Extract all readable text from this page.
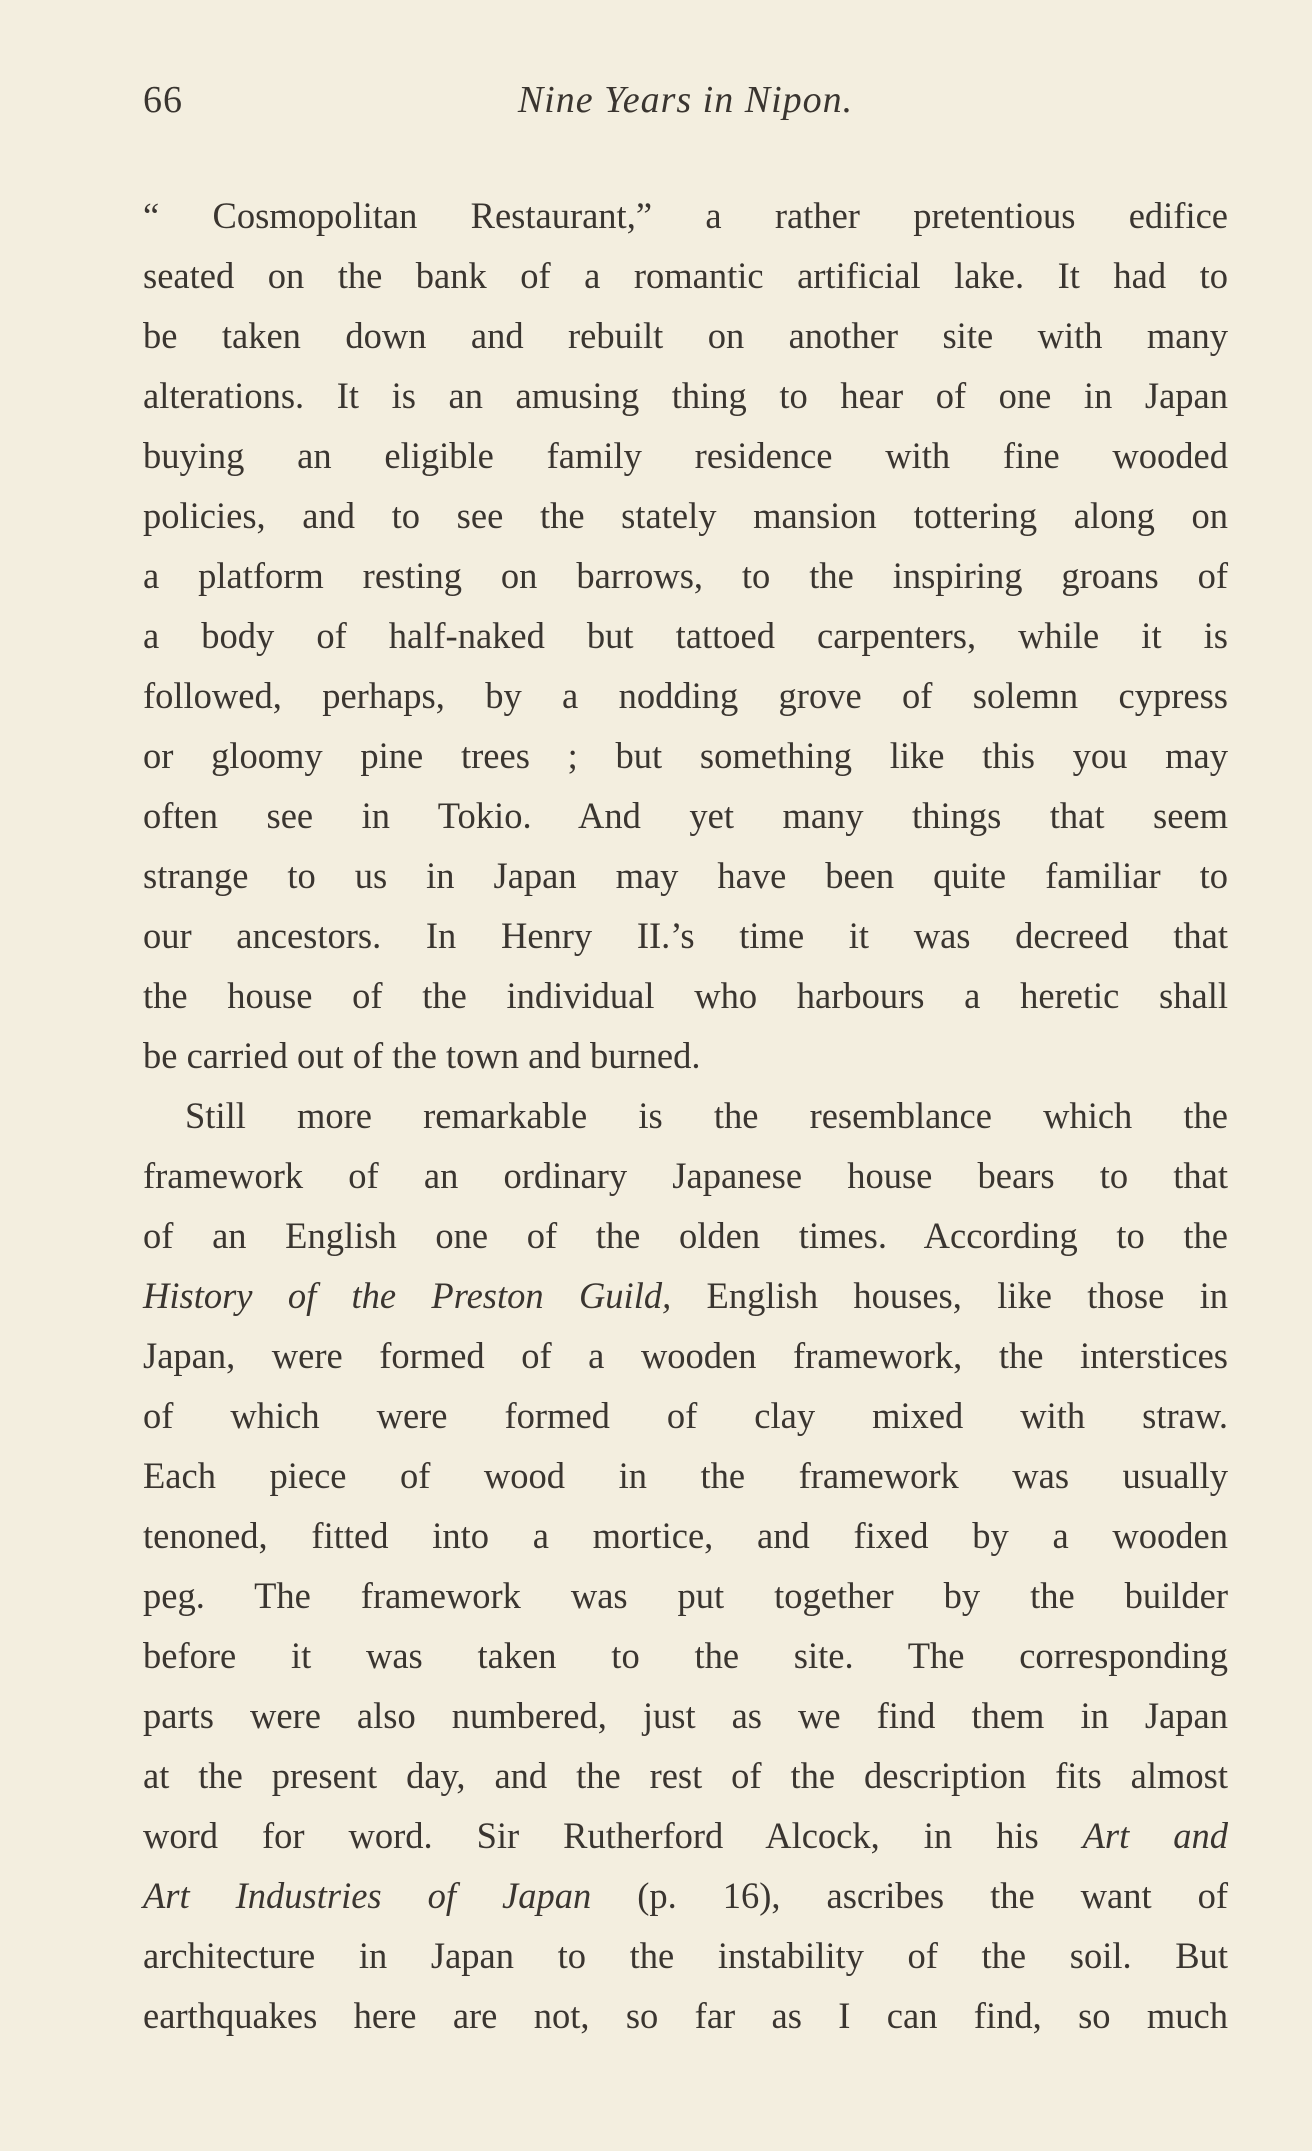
66	Nine Years in Nipon.
“ Cosmopolitan Restaurant,” a rather pretentious edifice
seated on the bank of a romantic artificial lake. It had to
be taken down and rebuilt on another site with many
alterations. It is an amusing thing to hear of one in Japan
buying an eligible family residence with fine wooded
policies, and to see the stately mansion tottering along on
a platform resting on barrows, to the inspiring groans of
a body of half-naked but tattoed carpenters, while it is
followed, perhaps, by a nodding grove of solemn cypress
or gloomy pine trees ; but something like this you may
often see in Tokio. And yet many things that seem
strange to us in Japan may have been quite familiar to
our ancestors. In Henry II.’s time it was decreed that
the house of the individual who harbours a heretic shall
be carried out of the town and burned.
Still more remarkable is the resemblance which the
framework of an ordinary Japanese house bears to that
of an English one of the olden times. According to the
History of the Preston Guild, English houses, like those in
Japan, were formed of a wooden framework, the interstices
of which were formed of clay mixed with straw.
Each piece of wood in the framework was usually
tenoned, fitted into a mortice, and fixed by a wooden
peg. The framework was put together by the builder
before it was taken to the site. The corresponding
parts were also numbered, just as we find them in Japan
at the present day, and the rest of the description fits almost
word for word. Sir Rutherford Alcock, in his Art and
Art Industries of Japan (p. 16), ascribes the want of
architecture in Japan to the instability of the soil. But
earthquakes here are not, so far as I can find, so much
